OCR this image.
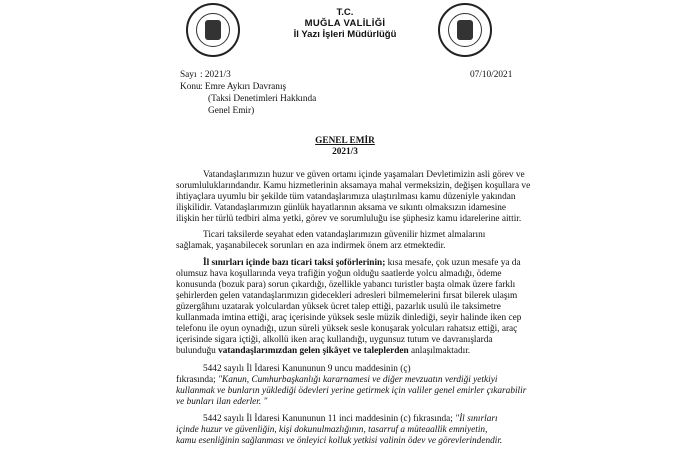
T.C.
MUĞLA VALİLİĞİ
İl Yazı İşleri Müdürlüğü
Sayı : 2021/3	07/10/2021
Konu : Emre Aykırı Davranış
(Taksi Denetimleri Hakkında
Genel Emir)
GENEL EMİR
2021/3
Vatandaşlarımızın huzur ve güven ortamı içinde yaşamaları Devletimizin asli görev ve
sorumluluklarındandır. Kamu hizmetlerinin aksamaya mahal vermeksizin, değişen koşullara ve
ihtiyaçlara uyumlu bir şekilde tüm vatandaşlarımıza ulaştırılması kamu düzeniyle yakından
ilişkilidir. Vatandaşlarımızın günlük hayatlarının aksama ve sıkıntı olmaksızın idamesine
ilişkin her türlü tedbiri alma yetki, görev ve sorumluluğu ise şüphesiz kamu idarelerine aittir.
Ticari taksilerde seyahat eden vatandaşlarımızın güvenilir hizmet almalarını
sağlamak, yaşanabilecek sorunları en aza indirmek önem arz etmektedir.
İl sınırları içinde bazı ticari taksi şoförlerinin; kısa mesafe, çok uzun mesafe ya da
olumsuz hava koşullarında veya trafiğin yoğun olduğu saatlerde yolcu almadığı, ödeme
konusunda (bozuk para) sorun çıkardığı, özellikle yabancı turistler başta olmak üzere farklı
şehirlerden gelen vatandaşlarımızın gidecekleri adresleri bilmemelerini fırsat bilerek ulaşım
güzergâhını uzatarak yolculardan yüksek ücret talep ettiği, pazarlık usulü ile taksimetre
kullanmada imtina ettiği, araç içerisinde yüksek sesle müzik dinlediği, seyir halinde iken cep
telefonu ile oyun oynadığı, uzun süreli yüksek sesle konuşarak yolcuları rahatsız ettiği, araç
içerisinde sigara içtiği, alkollü iken araç kullandığı, uygunsuz tutum ve davranışlarda
bulunduğu vatandaşlarımızdan gelen şikâyet ve taleplerden anlaşılmaktadır.
5442 sayılı İl İdaresi Kanununun 9 uncu maddesinin (ç)
fıkrasında; "Kanun, Cumhurbaşkanlığı kararnamesi ve diğer mevzuatın verdiği yetkiyi
kullanmak ve bunların yüklediği ödevleri yerine getirmek için valiler genel emirler çıkarabilir
ve bunları ilan ederler. "
5442 sayılı İl İdaresi Kanununun 11 inci maddesinin (c) fıkrasında; "İl sınırları
içinde huzur ve güvenliğin, kişi dokunulmazlığının, tasarruf a müteaallik emniyetin,
kamu esenliğinin sağlanması ve önleyici kolluk yetkisi valinin ödev ve görevlerindendir.
